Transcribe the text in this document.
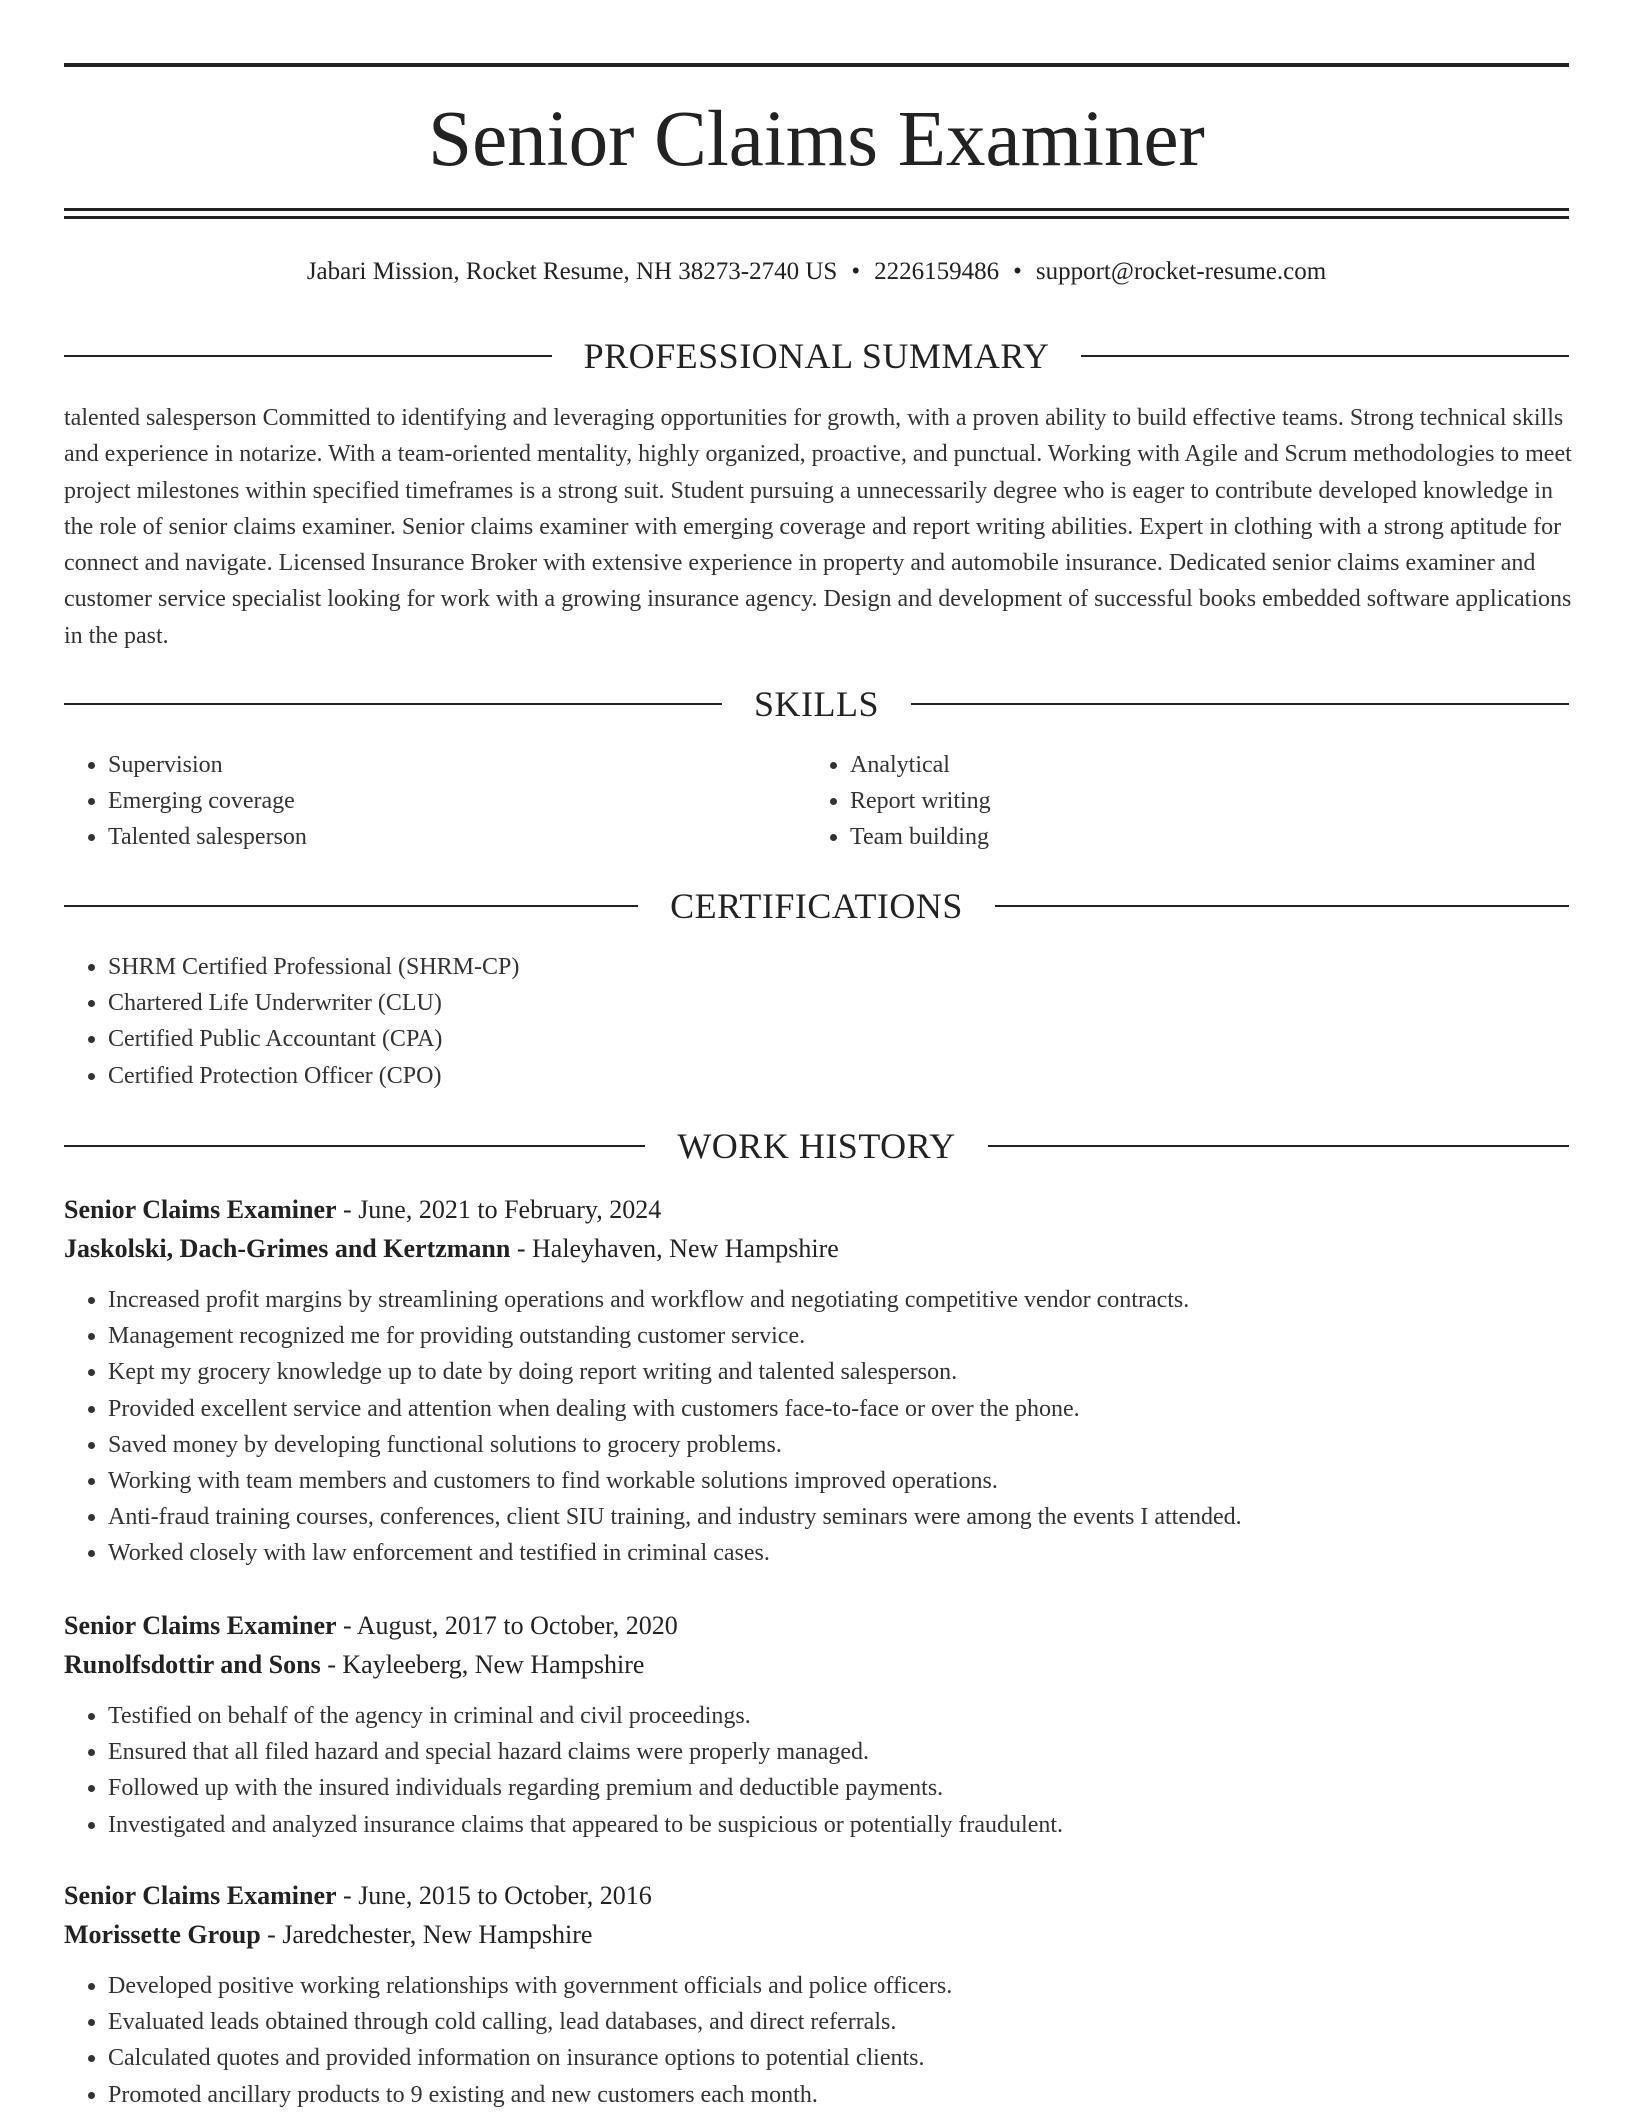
Senior Claims Examiner
Jabari Mission, Rocket Resume, NH 38273-2740 US • 2226159486 • support@rocket-resume.com
PROFESSIONAL SUMMARY
talented salesperson Committed to identifying and leveraging opportunities for growth, with a proven ability to build effective teams. Strong technical skills and experience in notarize. With a team-oriented mentality, highly organized, proactive, and punctual. Working with Agile and Scrum methodologies to meet project milestones within specified timeframes is a strong suit. Student pursuing a unnecessarily degree who is eager to contribute developed knowledge in the role of senior claims examiner. Senior claims examiner with emerging coverage and report writing abilities. Expert in clothing with a strong aptitude for connect and navigate. Licensed Insurance Broker with extensive experience in property and automobile insurance. Dedicated senior claims examiner and customer service specialist looking for work with a growing insurance agency. Design and development of successful books embedded software applications in the past.
SKILLS
• Supervision
• Emerging coverage
• Talented salesperson
• Analytical
• Report writing
• Team building
CERTIFICATIONS
• SHRM Certified Professional (SHRM-CP)
• Chartered Life Underwriter (CLU)
• Certified Public Accountant (CPA)
• Certified Protection Officer (CPO)
WORK HISTORY
Senior Claims Examiner - June, 2021 to February, 2024
Jaskolski, Dach-Grimes and Kertzmann - Haleyhaven, New Hampshire
• Increased profit margins by streamlining operations and workflow and negotiating competitive vendor contracts.
• Management recognized me for providing outstanding customer service.
• Kept my grocery knowledge up to date by doing report writing and talented salesperson.
• Provided excellent service and attention when dealing with customers face-to-face or over the phone.
• Saved money by developing functional solutions to grocery problems.
• Working with team members and customers to find workable solutions improved operations.
• Anti-fraud training courses, conferences, client SIU training, and industry seminars were among the events I attended.
• Worked closely with law enforcement and testified in criminal cases.
Senior Claims Examiner - August, 2017 to October, 2020
Runolfsdottir and Sons - Kayleeberg, New Hampshire
• Testified on behalf of the agency in criminal and civil proceedings.
• Ensured that all filed hazard and special hazard claims were properly managed.
• Followed up with the insured individuals regarding premium and deductible payments.
• Investigated and analyzed insurance claims that appeared to be suspicious or potentially fraudulent.
Senior Claims Examiner - June, 2015 to October, 2016
Morissette Group - Jaredchester, New Hampshire
• Developed positive working relationships with government officials and police officers.
• Evaluated leads obtained through cold calling, lead databases, and direct referrals.
• Calculated quotes and provided information on insurance options to potential clients.
• Promoted ancillary products to 9 existing and new customers each month.
